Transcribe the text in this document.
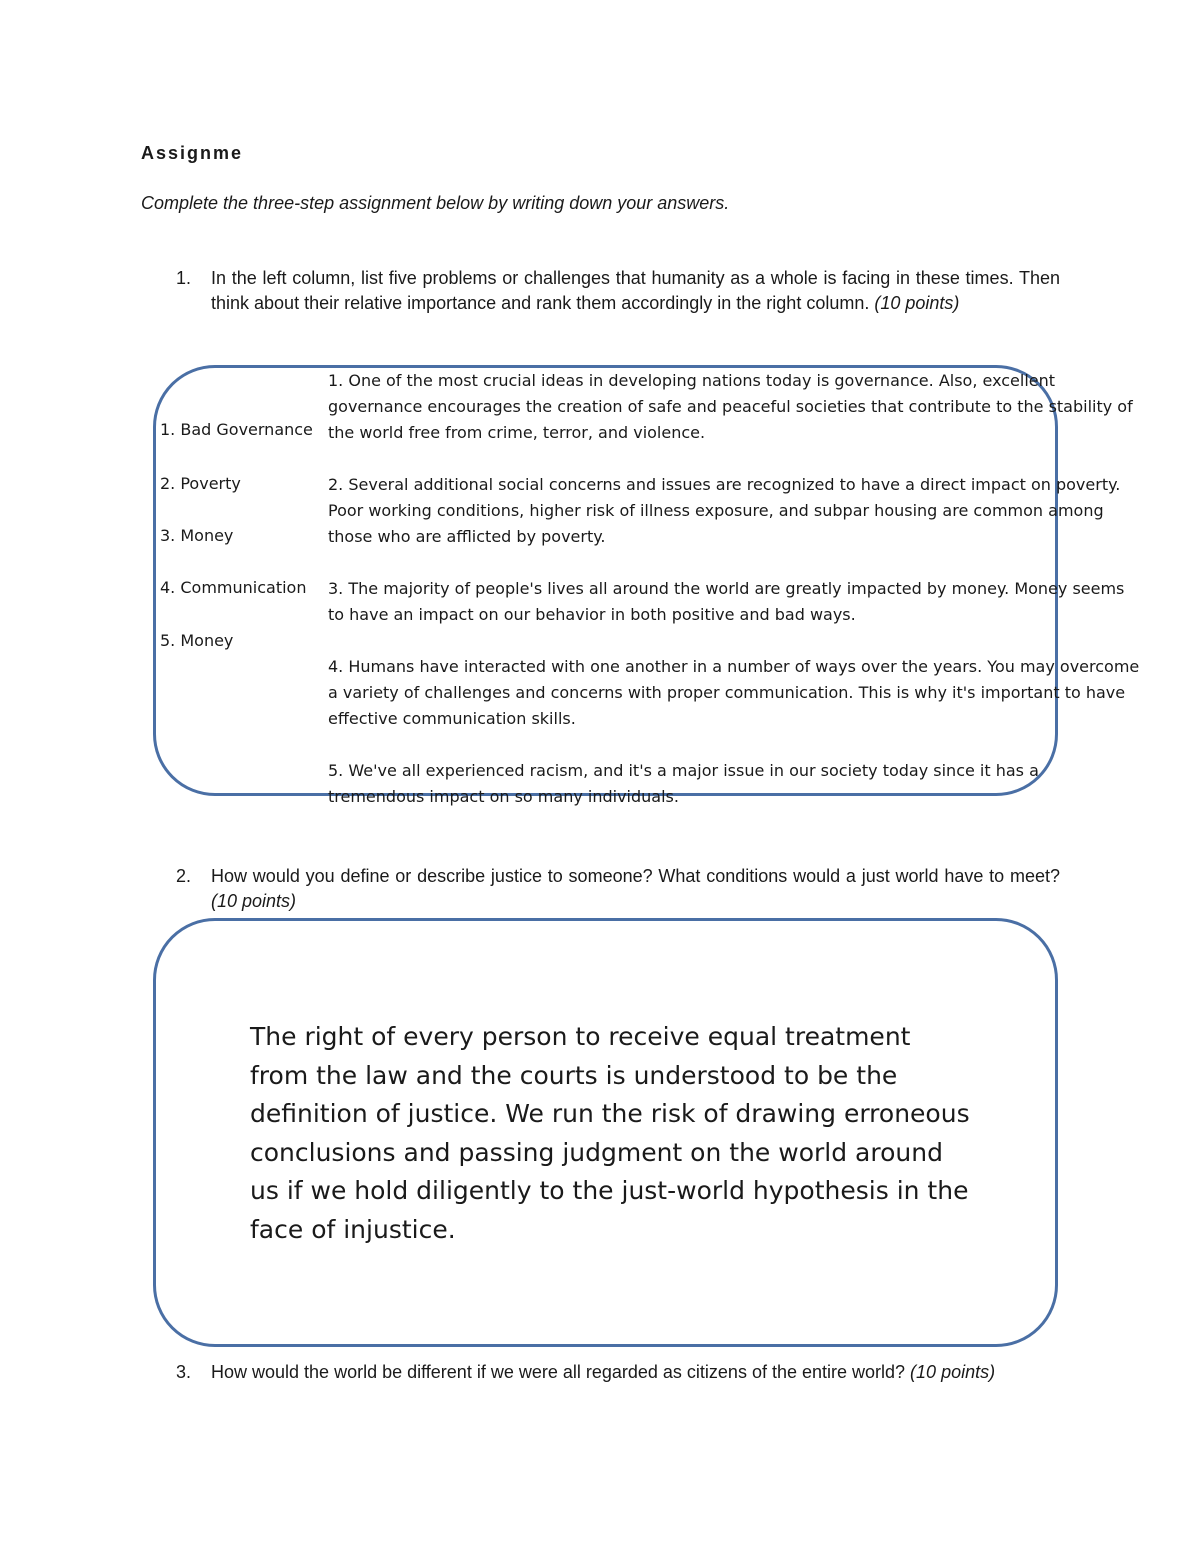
Assignme
Complete the three-step assignment below by writing down your answers.
1. In the left column, list five problems or challenges that humanity as a whole is facing in these times. Then think about their relative importance and rank them accordingly in the right column. (10 points)
1. Bad Governance
2. Poverty
3. Money
4. Communication
5. Money

1. One of the most crucial ideas in developing nations today is governance. Also, excellent governance encourages the creation of safe and peaceful societies that contribute to the stability of the world free from crime, terror, and violence.

2. Several additional social concerns and issues are recognized to have a direct impact on poverty. Poor working conditions, higher risk of illness exposure, and subpar housing are common among those who are afflicted by poverty.

3. The majority of people's lives all around the world are greatly impacted by money. Money seems to have an impact on our behavior in both positive and bad ways.

4. Humans have interacted with one another in a number of ways over the years. You may overcome a variety of challenges and concerns with proper communication. This is why it's important to have effective communication skills.

5. We've all experienced racism, and it's a major issue in our society today since it has a tremendous impact on so many individuals.

2. How would you define or describe justice to someone? What conditions would a just world have to meet? (10 points)
The right of every person to receive equal treatment from the law and the courts is understood to be the definition of justice. We run the risk of drawing erroneous conclusions and passing judgment on the world around us if we hold diligently to the just-world hypothesis in the face of injustice.
3. How would the world be different if we were all regarded as citizens of the entire world? (10 points)
